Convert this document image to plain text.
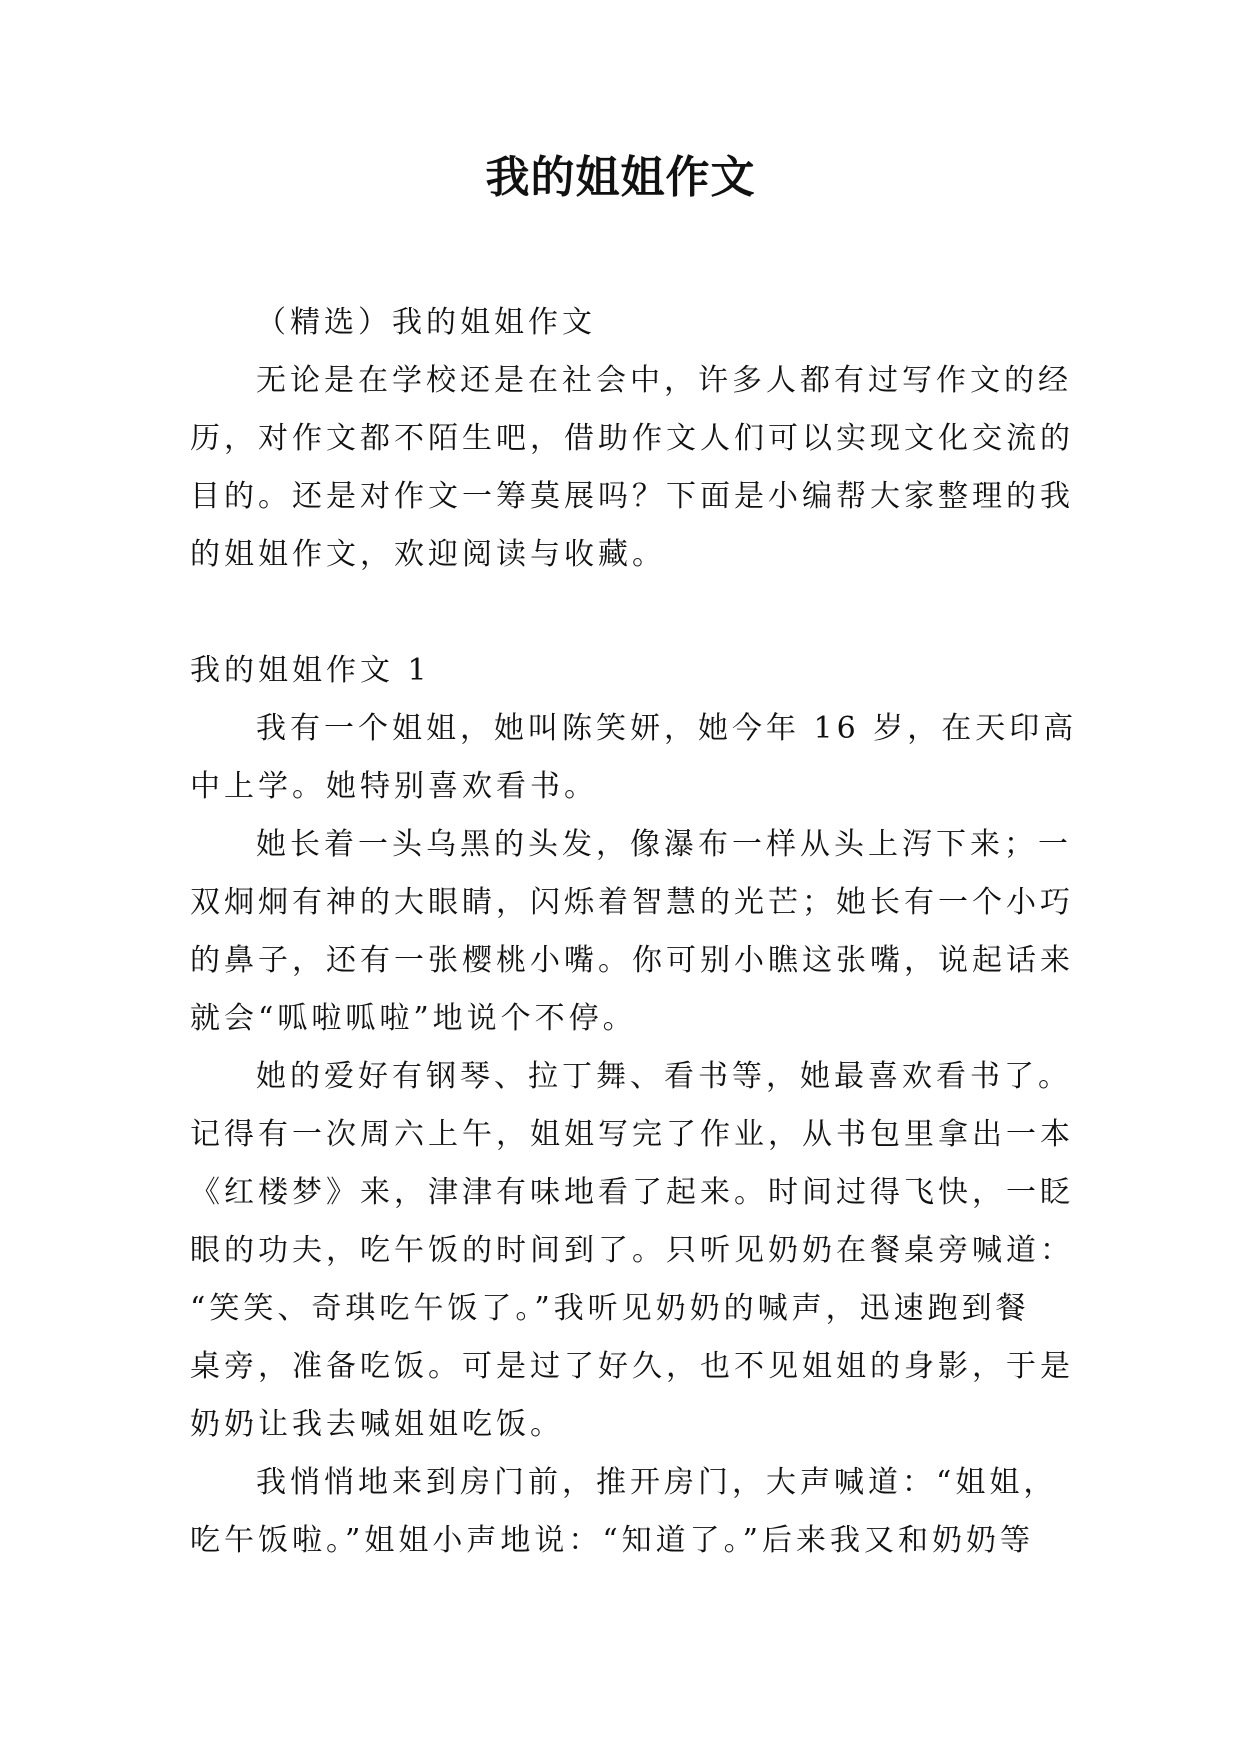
我的姐姐作文

（精选）我的姐姐作文

无论是在学校还是在社会中，许多人都有过写作文的经

历，对作文都不陌生吧，借助作文人们可以实现文化交流的

目的。还是对作文一筹莫展吗？下面是小编帮大家整理的我

的姐姐作文，欢迎阅读与收藏。

我的姐姐作文 1

我有一个姐姐，她叫陈笑妍，她今年 16 岁，在天印高

中上学。她特别喜欢看书。

她长着一头乌黑的头发，像瀑布一样从头上泻下来；一

双炯炯有神的大眼睛，闪烁着智慧的光芒；她长有一个小巧

的鼻子，还有一张樱桃小嘴。你可别小瞧这张嘴，说起话来

就会“呱啦呱啦”地说个不停。

她的爱好有钢琴、拉丁舞、看书等，她最喜欢看书了。

记得有一次周六上午，姐姐写完了作业，从书包里拿出一本

《红楼梦》来，津津有味地看了起来。时间过得飞快，一眨

眼的功夫，吃午饭的时间到了。只听见奶奶在餐桌旁喊道：

“笑笑、奇琪吃午饭了。”我听见奶奶的喊声，迅速跑到餐

桌旁，准备吃饭。可是过了好久，也不见姐姐的身影，于是

奶奶让我去喊姐姐吃饭。

我悄悄地来到房门前，推开房门，大声喊道：“姐姐，

吃午饭啦。”姐姐小声地说：“知道了。”后来我又和奶奶等
